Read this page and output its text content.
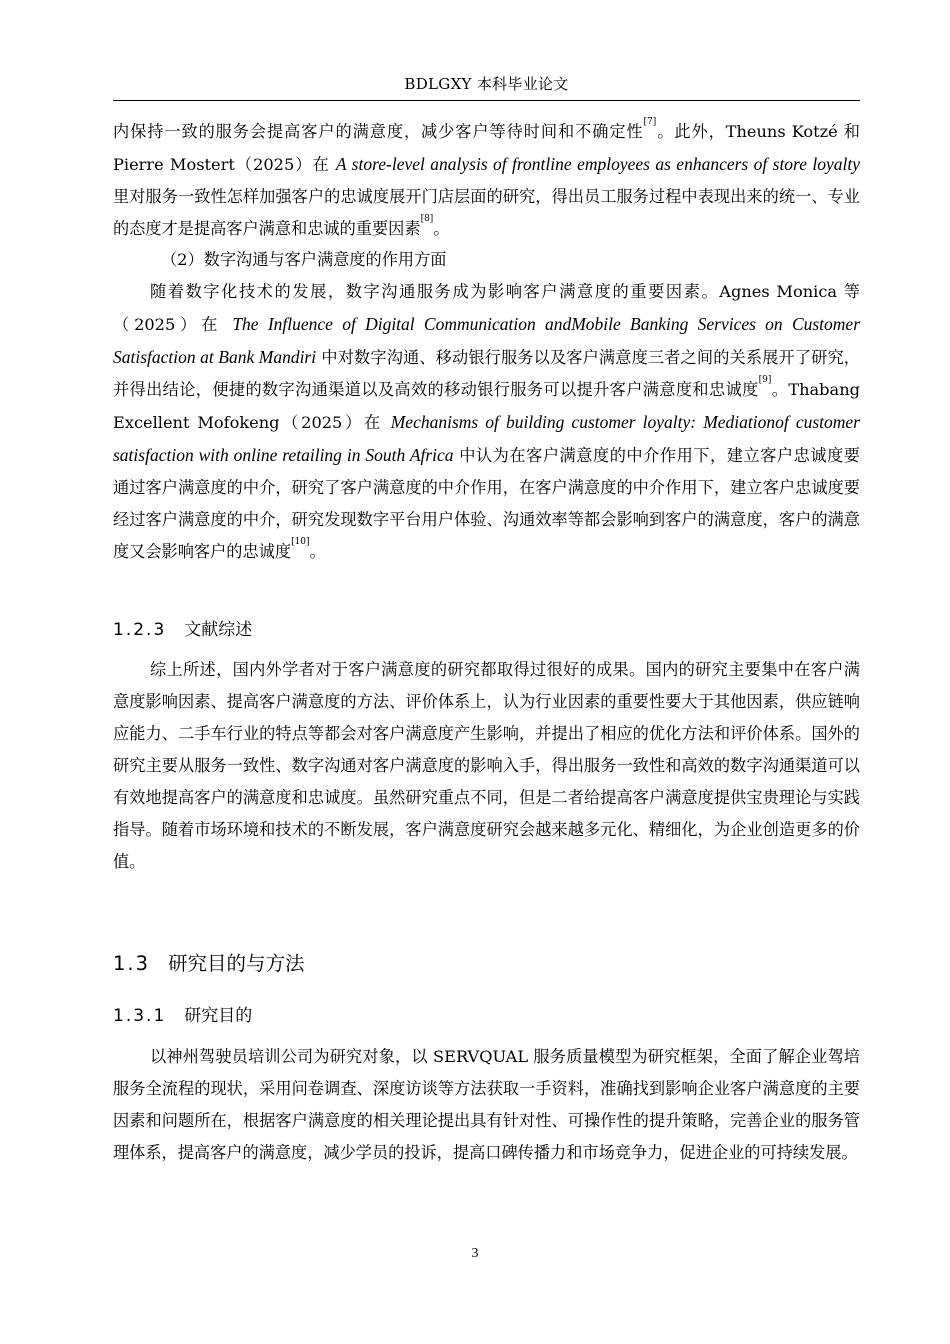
BDLGXY 本科毕业论文

内保持一致的服务会提高客户的满意度，减少客户等待时间和不确定性[7]。此外，Theuns Kotzé 和 Pierre Mostert（2025）在 A store-level analysis of frontline employees as enhancers of store loyalty 里对服务一致性怎样加强客户的忠诚度展开门店层面的研究，得出员工服务过程中表现出来的统一、专业的态度才是提高客户满意和忠诚的重要因素[8]。

（2）数字沟通与客户满意度的作用方面

随着数字化技术的发展，数字沟通服务成为影响客户满意度的重要因素。Agnes Monica 等（2025）在 The Influence of Digital Communication andMobile Banking Services on Customer Satisfaction at Bank Mandiri 中对数字沟通、移动银行服务以及客户满意度三者之间的关系展开了研究，并得出结论，便捷的数字沟通渠道以及高效的移动银行服务可以提升客户满意度和忠诚度[9]。Thabang Excellent Mofokeng（2025）在 Mechanisms of building customer loyalty: Mediationof customer satisfaction with online retailing in South Africa 中认为在客户满意度的中介作用下，建立客户忠诚度要通过客户满意度的中介，研究了客户满意度的中介作用，在客户满意度的中介作用下，建立客户忠诚度要经过客户满意度的中介，研究发现数字平台用户体验、沟通效率等都会影响到客户的满意度，客户的满意度又会影响客户的忠诚度[10]。

1.2.3 文献综述

综上所述，国内外学者对于客户满意度的研究都取得过很好的成果。国内的研究主要集中在客户满意度影响因素、提高客户满意度的方法、评价体系上，认为行业因素的重要性要大于其他因素，供应链响应能力、二手车行业的特点等都会对客户满意度产生影响，并提出了相应的优化方法和评价体系。国外的研究主要从服务一致性、数字沟通对客户满意度的影响入手，得出服务一致性和高效的数字沟通渠道可以有效地提高客户的满意度和忠诚度。虽然研究重点不同，但是二者给提高客户满意度提供宝贵理论与实践指导。随着市场环境和技术的不断发展，客户满意度研究会越来越多元化、精细化，为企业创造更多的价值。

1.3 研究目的与方法
1.3.1 研究目的

以神州驾驶员培训公司为研究对象，以 SERVQUAL 服务质量模型为研究框架，全面了解企业驾培服务全流程的现状，采用问卷调查、深度访谈等方法获取一手资料，准确找到影响企业客户满意度的主要因素和问题所在，根据客户满意度的相关理论提出具有针对性、可操作性的提升策略，完善企业的服务管理体系，提高客户的满意度，减少学员的投诉，提高口碑传播力和市场竞争力，促进企业的可持续发展。

3
